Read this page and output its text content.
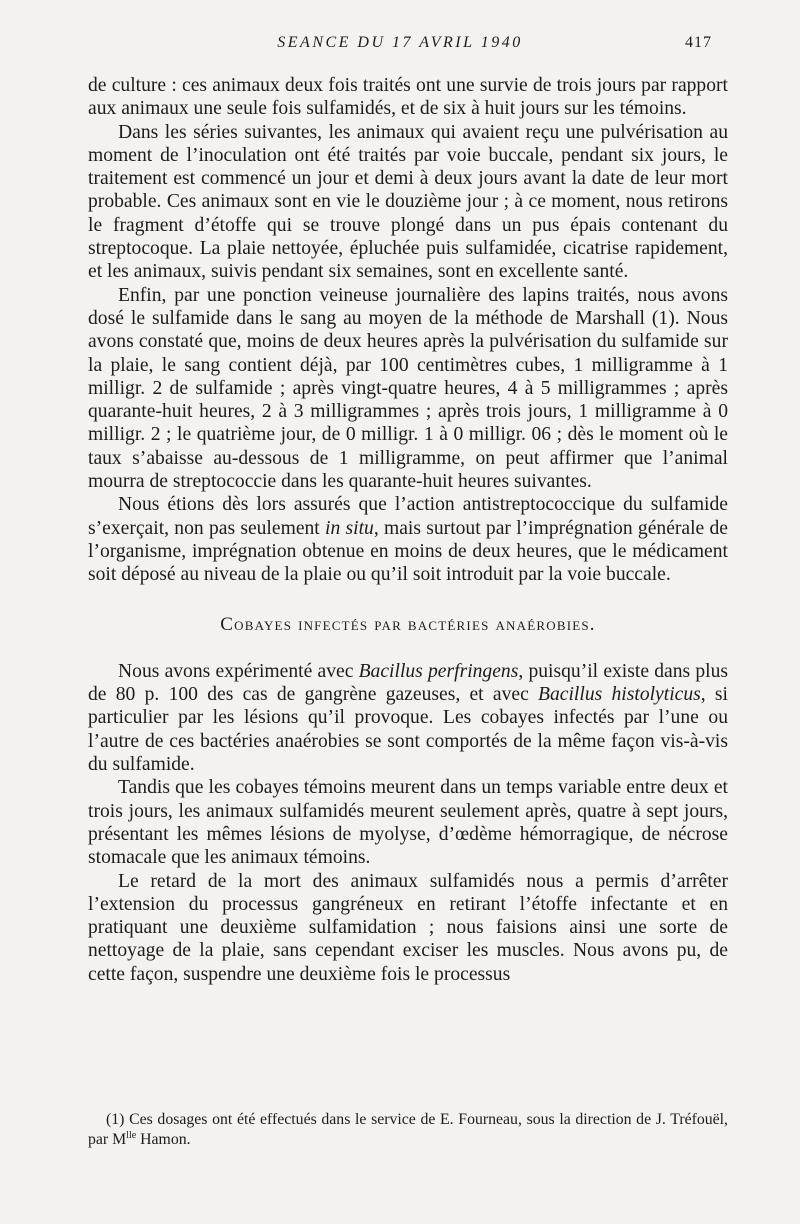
SEANCE DU 17 AVRIL 1940	417

de culture : ces animaux deux fois traités ont une survie de trois jours par rapport aux animaux une seule fois sulfamidés, et de six à huit jours sur les témoins.

Dans les séries suivantes, les animaux qui avaient reçu une pulvérisation au moment de l’inoculation ont été traités par voie buccale, pendant six jours, le traitement est commencé un jour et demi à deux jours avant la date de leur mort probable. Ces animaux sont en vie le douzième jour ; à ce moment, nous retirons le fragment d’étoffe qui se trouve plongé dans un pus épais contenant du streptocoque. La plaie nettoyée, épluchée puis sulfamidée, cicatrise rapidement, et les animaux, suivis pendant six semaines, sont en excellente santé.

Enfin, par une ponction veineuse journalière des lapins traités, nous avons dosé le sulfamide dans le sang au moyen de la méthode de Marshall (1). Nous avons constaté que, moins de deux heures après la pulvérisation du sulfamide sur la plaie, le sang contient déjà, par 100 centimètres cubes, 1 milligramme à 1 milligr. 2 de sulfamide ; après vingt-quatre heures, 4 à 5 milligrammes ; après quarante-huit heures, 2 à 3 milligrammes ; après trois jours, 1 milligramme à 0 milligr. 2 ; le quatrième jour, de 0 milligr. 1 à 0 milligr. 06 ; dès le moment où le taux s’abaisse au-dessous de 1 milligramme, on peut affirmer que l’animal mourra de streptococcie dans les quarante-huit heures suivantes.

Nous étions dès lors assurés que l’action antistreptococcique du sulfamide s’exerçait, non pas seulement in situ, mais surtout par l’imprégnation générale de l’organisme, imprégnation obtenue en moins de deux heures, que le médicament soit déposé au niveau de la plaie ou qu’il soit introduit par la voie buccale.

Cobayes infectés par bactéries anaérobies.

Nous avons expérimenté avec Bacillus perfringens, puisqu’il existe dans plus de 80 p. 100 des cas de gangrène gazeuses, et avec Bacillus histolyticus, si particulier par les lésions qu’il provoque. Les cobayes infectés par l’une ou l’autre de ces bactéries anaérobies se sont comportés de la même façon vis-à-vis du sulfamide.

Tandis que les cobayes témoins meurent dans un temps variable entre deux et trois jours, les animaux sulfamidés meurent seulement après, quatre à sept jours, présentant les mêmes lésions de myolyse, d’œdème hémorragique, de nécrose stomacale que les animaux témoins.

Le retard de la mort des animaux sulfamidés nous a permis d’arrêter l’extension du processus gangréneux en retirant l’étoffe infectante et en pratiquant une deuxième sulfamidation ; nous faisions ainsi une sorte de nettoyage de la plaie, sans cependant exciser les muscles. Nous avons pu, de cette façon, suspendre une deuxième fois le processus

(1) Ces dosages ont été effectués dans le service de E. Fourneau, sous la direction de J. Tréfouël, par $M^{lle}$ Hamon.
